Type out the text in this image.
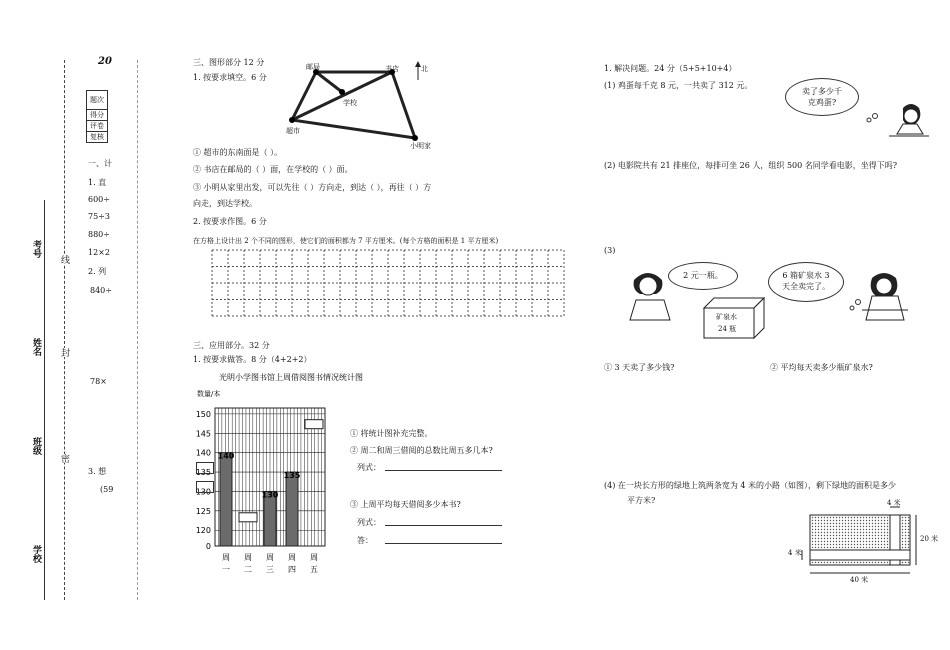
学校
班级
姓名
考号
密
封
线
20
题次
得分
评卷
复核
一、计
1. 直
600÷
75÷3
880÷
12×2
2. 列
840÷
78×
3. 想
(59
三、图形部分 12 分
1. 按要求填空。6 分
邮局	书店	北
学校
超市
小明家
① 超市的东南面是（ ）。
② 书店在邮局的（ ）面，在学校的（ ）面。
③ 小明从家里出发，可以先往（ ）方向走，到达（ ），再往（ ）方
向走，到达学校。
2. 按要求作图。6 分
在方格上设计出 2 个不同的图形，使它们的面积都为 7 平方厘米。(每个方格的面积是 1 平方厘米)
三、应用部分。32 分
1. 按要求做答。8 分（4+2+2）
光明小学图书馆上周借阅图书情况统计图
数量/本
140
130
135
150
145
140
135
130
125
120
0
周
一
周
二
周
三
周
四
周
五
① 将统计图补充完整。
② 周二和周三借阅的总数比周五多几本?
列式：
③ 上周平均每天借阅多少本书?
列式：
答：
1. 解决问题。24 分（5+5+10+4）
(1) 鸡蛋每千克 8 元，一共卖了 312 元。
卖了多少千
克鸡蛋?
(2) 电影院共有 21 排座位，每排可坐 26 人，组织 500 名同学看电影，坐得下吗?
(3)
2 元一瓶。	6 箱矿泉水 3
天全卖完了。
矿泉水
24 瓶
① 3 天卖了多少钱?	② 平均每天卖多少瓶矿泉水?
(4) 在一块长方形的绿地上筑两条宽为 4 米的小路（如图），剩下绿地的面积是多少
平方米?	4 米
4 米
20 米
40 米
